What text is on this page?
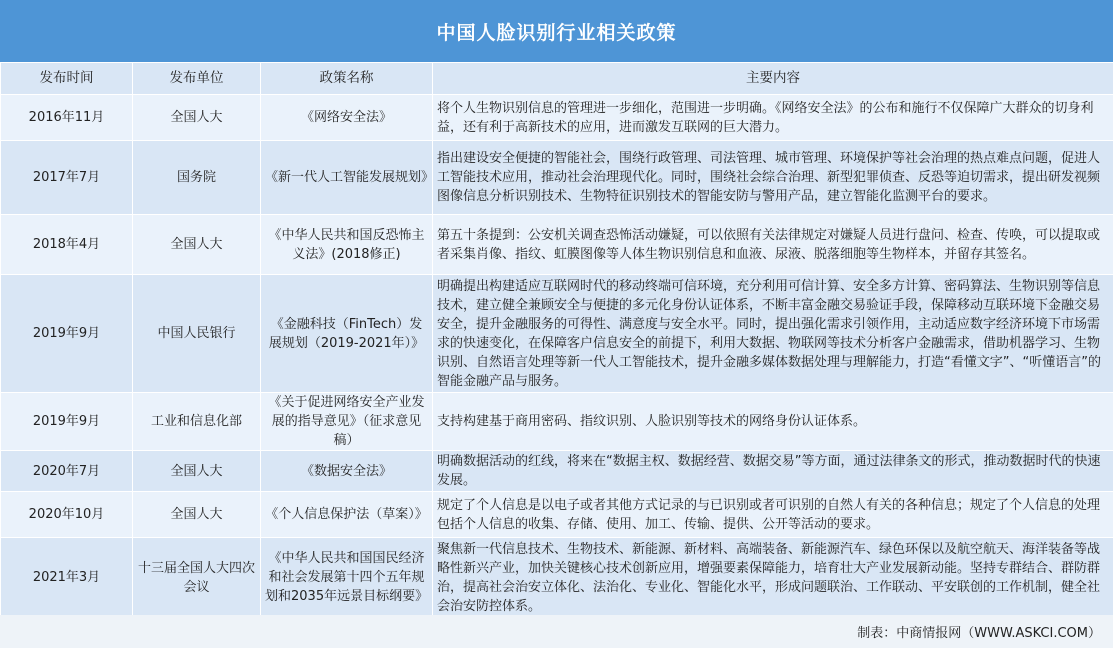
中国人脸识别行业相关政策
发布时间	发布单位	政策名称	主要内容
2016年11月	全国人大	《网络安全法》	将个人生物识别信息的管理进一步细化，范围进一步明确。《网络安全法》的公布和施行不仅保障广大群众的切身利益，还有利于高新技术的应用，进而激发互联网的巨大潜力。
2017年7月	国务院	《新一代人工智能发展规划》	指出建设安全便捷的智能社会，围绕行政管理、司法管理、城市管理、环境保护等社会治理的热点难点问题，促进人工智能技术应用，推动社会治理现代化。同时，围绕社会综合治理、新型犯罪侦查、反恐等迫切需求，提出研发视频图像信息分析识别技术、生物特征识别技术的智能安防与警用产品，建立智能化监测平台的要求。
2018年4月	全国人大	《中华人民共和国反恐怖主义法》(2018修正)	第五十条提到：公安机关调查恐怖活动嫌疑，可以依照有关法律规定对嫌疑人员进行盘问、检查、传唤，可以提取或者采集肖像、指纹、虹膜图像等人体生物识别信息和血液、尿液、脱落细胞等生物样本，并留存其签名。
2019年9月	中国人民银行	《金融科技（FinTech）发展规划（2019-2021年）》	明确提出构建适应互联网时代的移动终端可信环境，充分利用可信计算、安全多方计算、密码算法、生物识别等信息技术，建立健全兼顾安全与便捷的多元化身份认证体系，不断丰富金融交易验证手段，保障移动互联环境下金融交易安全，提升金融服务的可得性、满意度与安全水平。同时，提出强化需求引领作用，主动适应数字经济环境下市场需求的快速变化，在保障客户信息安全的前提下，利用大数据、物联网等技术分析客户金融需求，借助机器学习、生物识别、自然语言处理等新一代人工智能技术，提升金融多媒体数据处理与理解能力，打造“看懂文字”、“听懂语言”的智能金融产品与服务。
2019年9月	工业和信息化部	《关于促进网络安全产业发展的指导意见》（征求意见稿）	支持构建基于商用密码、指纹识别、人脸识别等技术的网络身份认证体系。
2020年7月	全国人大	《数据安全法》	明确数据活动的红线，将来在“数据主权、数据经营、数据交易”等方面，通过法律条文的形式，推动数据时代的快速发展。
2020年10月	全国人大	《个人信息保护法（草案）》	规定了个人信息是以电子或者其他方式记录的与已识别或者可识别的自然人有关的各种信息；规定了个人信息的处理包括个人信息的收集、存储、使用、加工、传输、提供、公开等活动的要求。
2021年3月	十三届全国人大四次会议	《中华人民共和国国民经济和社会发展第十四个五年规划和2035年远景目标纲要》	聚焦新一代信息技术、生物技术、新能源、新材料、高端装备、新能源汽车、绿色环保以及航空航天、海洋装备等战略性新兴产业，加快关键核心技术创新应用，增强要素保障能力，培育壮大产业发展新动能。坚持专群结合、群防群治，提高社会治安立体化、法治化、专业化、智能化水平，形成问题联治、工作联动、平安联创的工作机制，健全社会治安防控体系。
制表：中商情报网（WWW.ASKCI.COM）
